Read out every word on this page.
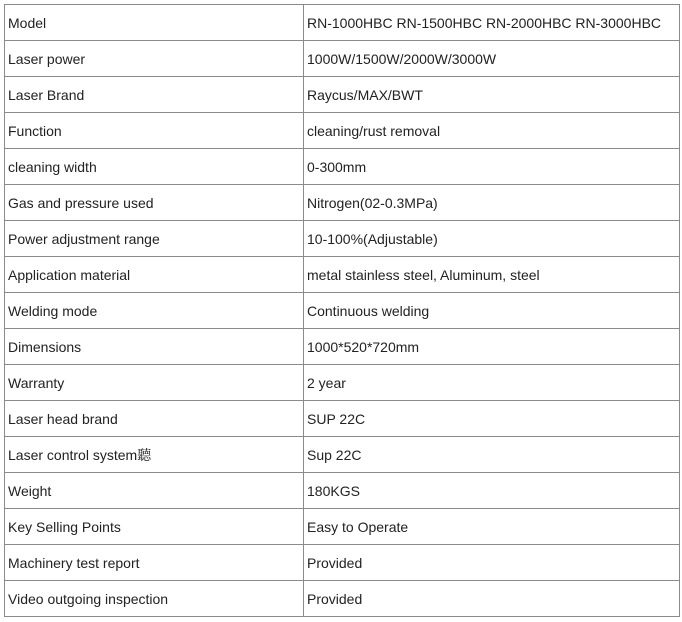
Model	RN-1000HBC RN-1500HBC RN-2000HBC RN-3000HBC
Laser power	1000W/1500W/2000W/3000W
Laser Brand	Raycus/MAX/BWT
Function	cleaning/rust removal
cleaning width	0-300mm
Gas and pressure used	Nitrogen(02-0.3MPa)
Power adjustment range	10-100%(Adjustable)
Application material	metal stainless steel, Aluminum, steel
Welding mode	Continuous welding
Dimensions	1000*520*720mm
Warranty	2 year
Laser head brand	SUP 22C
Laser control system聽	Sup 22C
Weight	180KGS
Key Selling Points	Easy to Operate
Machinery test report	Provided
Video outgoing inspection	Provided
